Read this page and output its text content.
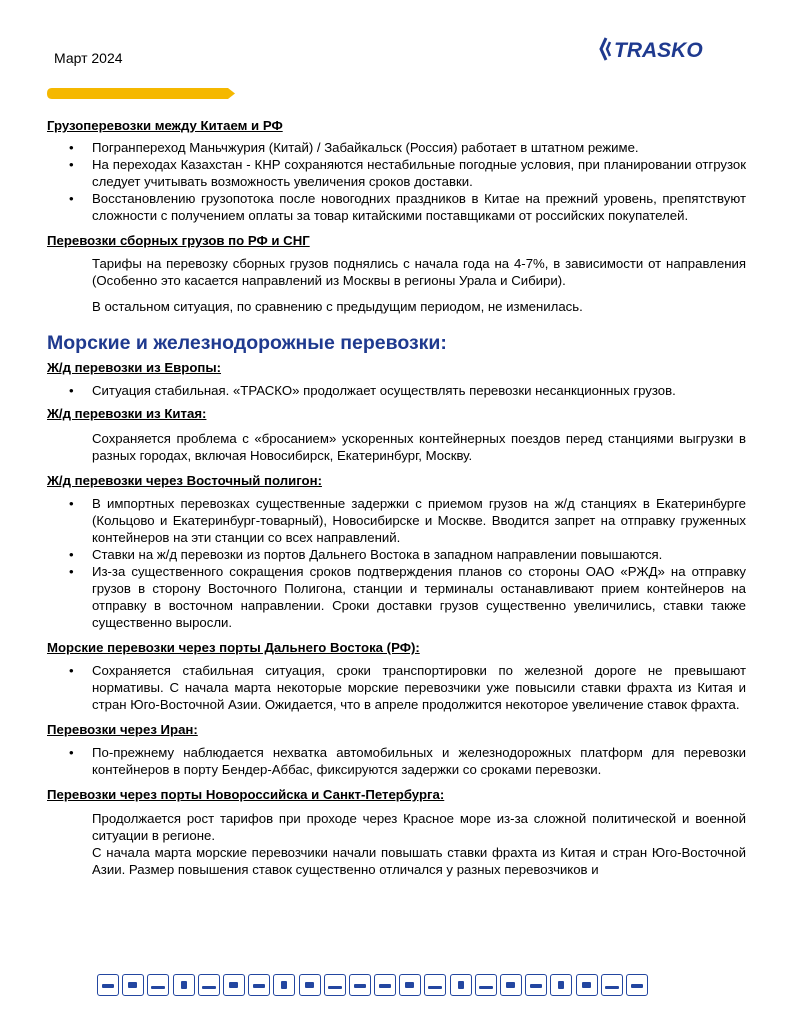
Март 2024	TRASKO
Грузоперевозки между Китаем и РФ
• Погранпереход Маньчжурия (Китай) / Забайкальск (Россия) работает в штатном режиме.
• На переходах Казахстан - КНР сохраняются нестабильные погодные условия, при планировании отгрузок следует учитывать возможность увеличения сроков доставки.
• Восстановлению грузопотока после новогодних праздников в Китае на прежний уровень, препятствуют сложности с получением оплаты за товар китайскими поставщиками от российских покупателей.
Перевозки сборных грузов по РФ и СНГ

Тарифы на перевозку сборных грузов поднялись с начала года на 4-7%, в зависимости от направления (Особенно это касается направлений из Москвы в регионы Урала и Сибири).

В остальном ситуация, по сравнению с предыдущим периодом, не изменилась.

Морские и железнодорожные перевозки:
Ж/д перевозки из Европы:
• Ситуация стабильная. «ТРАСКО» продолжает осуществлять перевозки несанкционных грузов.
Ж/д перевозки из Китая:

Сохраняется проблема с «бросанием» ускоренных контейнерных поездов перед станциями выгрузки в разных городах, включая Новосибирск, Екатеринбург, Москву.

Ж/д перевозки через Восточный полигон:
• В импортных перевозках существенные задержки с приемом грузов на ж/д станциях в Екатеринбурге (Кольцово и Екатеринбург-товарный), Новосибирске и Москве. Вводится запрет на отправку груженных контейнеров на эти станции со всех направлений.
• Ставки на ж/д перевозки из портов Дальнего Востока в западном направлении повышаются.
• Из-за существенного сокращения сроков подтверждения планов со стороны ОАО «РЖД» на отправку грузов в сторону Восточного Полигона, станции и терминалы останавливают прием контейнеров на отправку в восточном направлении. Сроки доставки грузов существенно увеличились, ставки также существенно выросли.
Морские перевозки через порты Дальнего Востока (РФ):
• Сохраняется стабильная ситуация, сроки транспортировки по железной дороге не превышают нормативы. С начала марта некоторые морские перевозчики уже повысили ставки фрахта из Китая и стран Юго-Восточной Азии. Ожидается, что в апреле продолжится некоторое увеличение ставок фрахта.
Перевозки через Иран:
• По-прежнему наблюдается нехватка автомобильных и железнодорожных платформ для перевозки контейнеров в порту Бендер-Аббас, фиксируются задержки со сроками перевозки.
Перевозки через порты Новороссийска и Санкт-Петербурга:

Продолжается рост тарифов при проходе через Красное море из-за сложной политической и военной ситуации в регионе.

С начала марта морские перевозчики начали повышать ставки фрахта из Китая и стран Юго-Восточной Азии. Размер повышения ставок существенно отличался у разных перевозчиков и
